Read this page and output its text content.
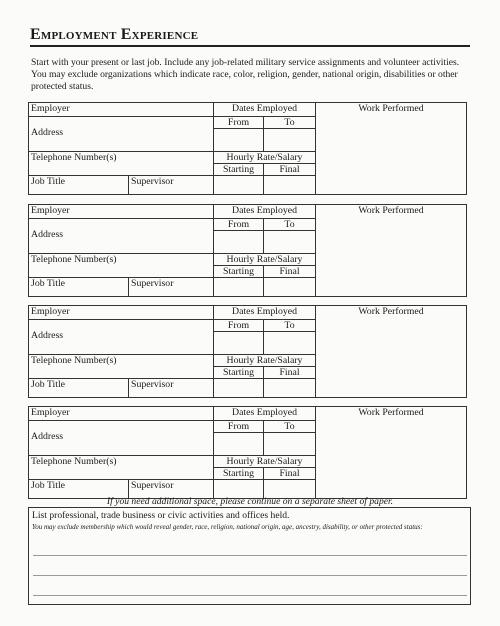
Employment Experience
Start with your present or last job. Include any job-related military service assignments and volunteer activities. You may exclude organizations which indicate race, color, religion, gender, national origin, disabilities or other protected status.
Employer		Dates Employed		Work Performed

Address		From	To	

Telephone Number(s)		Hourly Rate/Salary		
		Starting	Final	
Job Title	Supervisor			
Employer		Dates Employed		Work Performed

Address		From	To	

Telephone Number(s)		Hourly Rate/Salary		
		Starting	Final	
Job Title	Supervisor			
Employer		Dates Employed		Work Performed

Address		From	To	

Telephone Number(s)		Hourly Rate/Salary		
		Starting	Final	
Job Title	Supervisor			
Employer		Dates Employed		Work Performed

Address		From	To	

Telephone Number(s)		Hourly Rate/Salary		
		Starting	Final	
Job Title	Supervisor			
If you need additional space, please continue on a separate sheet of paper.
List professional, trade business or civic activities and offices held.
You may exclude membership which would reveal gender, race, religion, national origin, age, ancestry, disability, or other protected status:
